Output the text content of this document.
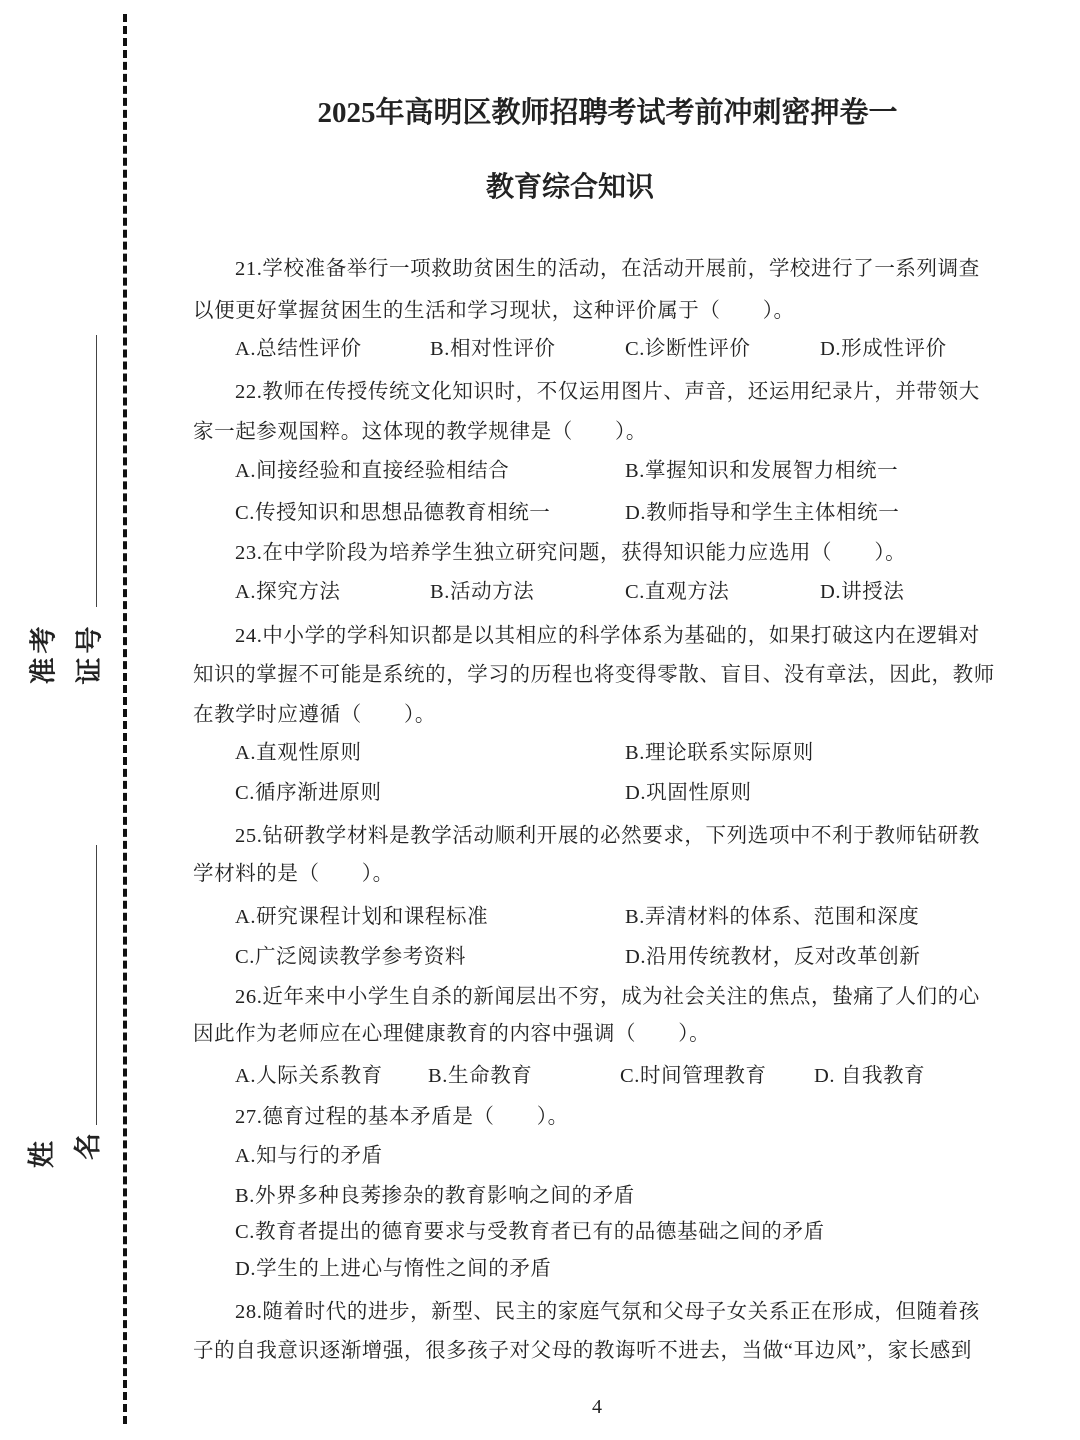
准考 证号
姓 名
2025年高明区教师招聘考试考前冲刺密押卷一
教育综合知识
21.学校准备举行一项救助贫困生的活动，在活动开展前，学校进行了一系列调查
以便更好掌握贫困生的生活和学习现状，这种评价属于（　　）。
A.总结性评价	B.相对性评价	C.诊断性评价	D.形成性评价
22.教师在传授传统文化知识时，不仅运用图片、声音，还运用纪录片，并带领大
家一起参观国粹。这体现的教学规律是（　　）。
A.间接经验和直接经验相结合	B.掌握知识和发展智力相统一
C.传授知识和思想品德教育相统一	D.教师指导和学生主体相统一
23.在中学阶段为培养学生独立研究问题，获得知识能力应选用（　　）。
A.探究方法	B.活动方法	C.直观方法	D.讲授法
24.中小学的学科知识都是以其相应的科学体系为基础的，如果打破这内在逻辑对
知识的掌握不可能是系统的，学习的历程也将变得零散、盲目、没有章法，因此，教师
在教学时应遵循（　　）。
A.直观性原则	B.理论联系实际原则
C.循序渐进原则	D.巩固性原则
25.钻研教学材料是教学活动顺利开展的必然要求，下列选项中不利于教师钻研教
学材料的是（　　）。
A.研究课程计划和课程标准	B.弄清材料的体系、范围和深度
C.广泛阅读教学参考资料	D.沿用传统教材，反对改革创新
26.近年来中小学生自杀的新闻层出不穷，成为社会关注的焦点，蛰痛了人们的心
因此作为老师应在心理健康教育的内容中强调（　　）。
A.人际关系教育 B.生命教育	C.时间管理教育 D. 自我教育
27.德育过程的基本矛盾是（　　）。
A.知与行的矛盾
B.外界多种良莠掺杂的教育影响之间的矛盾
C.教育者提出的德育要求与受教育者已有的品德基础之间的矛盾
D.学生的上进心与惰性之间的矛盾
28.随着时代的进步，新型、民主的家庭气氛和父母子女关系正在形成，但随着孩
子的自我意识逐渐增强，很多孩子对父母的教诲听不进去，当做“耳边风”，家长感到
4
